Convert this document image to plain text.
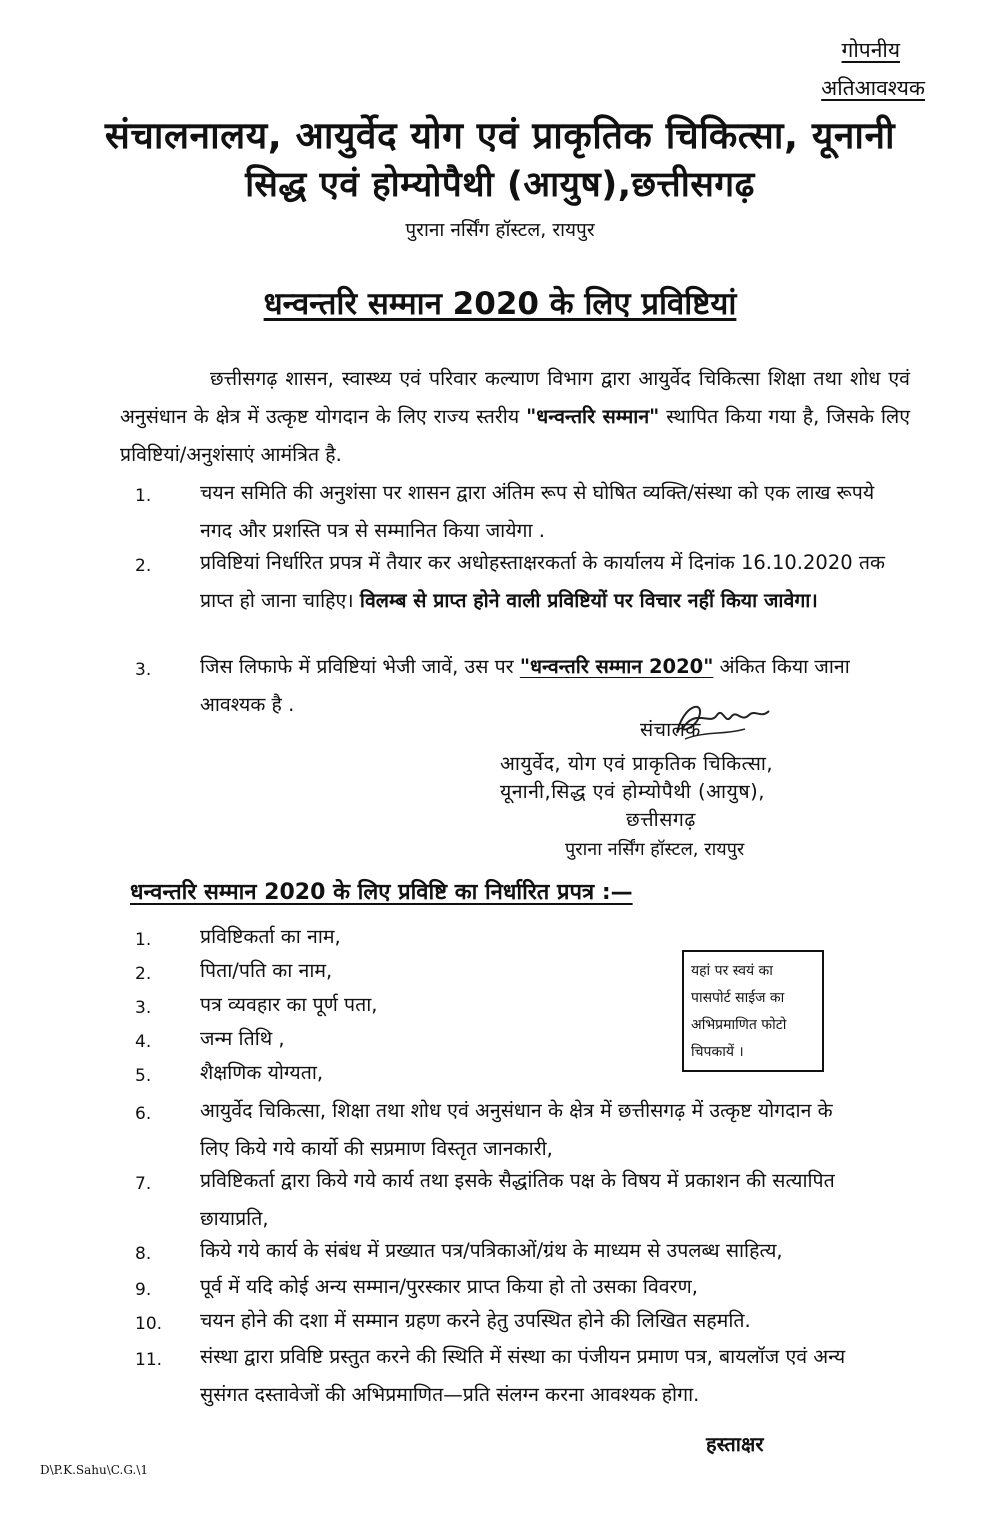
गोपनीय
अतिआवश्यक
संचालनालय, आयुर्वेद योग एवं प्राकृतिक चिकित्सा, यूनानी
सिद्ध एवं होम्योपैथी (आयुष),छत्तीसगढ़
पुराना नर्सिंग हॉस्टल, रायपुर
धन्वन्तरि सम्मान 2020 के लिए प्रविष्टियां
छत्तीसगढ़ शासन, स्वास्थ्य एवं परिवार कल्याण विभाग द्वारा आयुर्वेद चिकित्सा शिक्षा तथा शोध एवं अनुसंधान के क्षेत्र में उत्कृष्ट योगदान के लिए राज्य स्तरीय "धन्वन्तरि सम्मान" स्थापित किया गया है, जिसके लिए प्रविष्टियां/अनुशंसाएं आमंत्रित है.
1.	चयन समिति की अनुशंसा पर शासन द्वारा अंतिम रूप से घोषित व्यक्ति/संस्था को एक लाख रूपये नगद और प्रशस्ति पत्र से सम्मानित किया जायेगा .
2.	प्रविष्टियां निर्धारित प्रपत्र में तैयार कर अधोहस्ताक्षरकर्ता के कार्यालय में दिनांक 16.10.2020 तक प्राप्त हो जाना चाहिए। विलम्ब से प्राप्त होने वाली प्रविष्टियों पर विचार नहीं किया जावेगा।
3.	जिस लिफाफे में प्रविष्टियां भेजी जावें, उस पर "धन्वन्तरि सम्मान 2020" अंकित किया जाना आवश्यक है .
संचालक
आयुर्वेद, योग एवं प्राकृतिक चिकित्सा,
यूनानी,सिद्ध एवं होम्योपैथी (आयुष),
छत्तीसगढ़
पुराना नर्सिंग हॉस्टल, रायपुर
धन्वन्तरि सम्मान 2020 के लिए प्रविष्टि का निर्धारित प्रपत्र :—
1.	प्रविष्टिकर्ता का नाम,
2.	पिता/पति का नाम,
3.	पत्र व्यवहार का पूर्ण पता,
4.	जन्म तिथि ,
5.	शैक्षणिक योग्यता,
यहां पर स्वयं का
पासपोर्ट साईज का
अभिप्रमाणित फोटो
चिपकायें ।
6.	आयुर्वेद चिकित्सा, शिक्षा तथा शोध एवं अनुसंधान के क्षेत्र में छत्तीसगढ़ में उत्कृष्ट योगदान के लिए किये गये कार्यो की सप्रमाण विस्तृत जानकारी,
7.	प्रविष्टिकर्ता द्वारा किये गये कार्य तथा इसके सैद्धांतिक पक्ष के विषय में प्रकाशन की सत्यापित छायाप्रति,
8.	किये गये कार्य के संबंध में प्रख्यात पत्र/पत्रिकाओं/ग्रंथ के माध्यम से उपलब्ध साहित्य,
9.	पूर्व में यदि कोई अन्य सम्मान/पुरस्कार प्राप्त किया हो तो उसका विवरण,
10. चयन होने की दशा में सम्मान ग्रहण करने हेतु उपस्थित होने की लिखित सहमति.
11. संस्था द्वारा प्रविष्टि प्रस्तुत करने की स्थिति में संस्था का पंजीयन प्रमाण पत्र, बायलॉज एवं अन्य सुसंगत दस्तावेजों की अभिप्रमाणित—प्रति संलग्न करना आवश्यक होगा.
हस्ताक्षर
D\P.K.Sahu\C.G.\1
